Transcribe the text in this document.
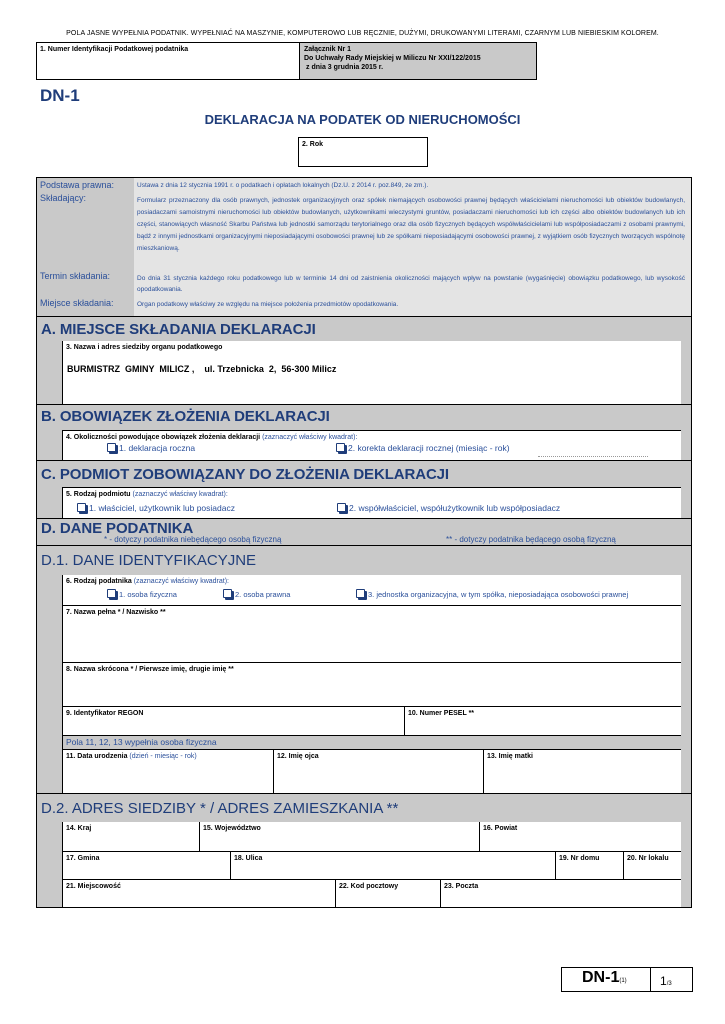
POLA JASNE WYPEŁNIA PODATNIK. WYPEŁNIAĆ NA MASZYNIE, KOMPUTEROWO LUB RĘCZNIE, DUŻYMI, DRUKOWANYMI LITERAMI, CZARNYM LUB NIEBIESKIM KOLOREM.
1. Numer Identyfikacji Podatkowej podatnika	Załącznik Nr 1
Do Uchwały Rady Miejskiej w Miliczu Nr XXI/122/2015
z dnia 3 grudnia 2015 r.
DN-1
DEKLARACJA NA PODATEK OD NIERUCHOMOŚCI
2. Rok
Podstawa prawna:	Ustawa z dnia 12 stycznia 1991 r. o podatkach i opłatach lokalnych (Dz.U. z 2014 r. poz.849, ze zm.).
Składający:	Formularz przeznaczony dla osób prawnych, jednostek organizacyjnych oraz spółek niemających osobowości prawnej będących właścicielami nieruchomości lub obiektów budowlanych, posiadaczami samoistnymi nieruchomości lub obiektów budowlanych, użytkownikami wieczystymi gruntów, posiadaczami nieruchomości lub ich części albo obiektów budowlanych lub ich części, stanowiących własność Skarbu Państwa lub jednostki samorządu terytorialnego oraz dla osób fizycznych będących współwłaścicielami lub współposiadaczami z osobami prawnymi, bądź z innymi jednostkami organizacyjnymi nieposiadającymi osobowości prawnej lub ze spółkami nieposiadającymi osobowości prawnej, z wyjątkiem osób fizycznych tworzących wspólnotę mieszkaniową.
Termin składania:	Do dnia 31 stycznia każdego roku podatkowego lub w terminie 14 dni od zaistnienia okoliczności mających wpływ na powstanie (wygaśnięcie) obowiązku podatkowego, lub wysokość opodatkowania.
Miejsce składania:	Organ podatkowy właściwy ze względu na miejsce położenia przedmiotów opodatkowania.
A. MIEJSCE SKŁADANIA DEKLARACJI
3. Nazwa i adres siedziby organu podatkowego
BURMISTRZ  GMINY  MILICZ ,    ul. Trzebnicka  2,  56-300 Milicz
B. OBOWIĄZEK ZŁOŻENIA DEKLARACJI
4. Okoliczności powodujące obowiązek złożenia deklaracji (zaznaczyć właściwy kwadrat):
1. deklaracja roczna	2. korekta deklaracji rocznej (miesiąc - rok)
C. PODMIOT ZOBOWIĄZANY DO ZŁOŻENIA DEKLARACJI
5. Rodzaj podmiotu (zaznaczyć właściwy kwadrat):
1. właściciel, użytkownik lub posiadacz	2. współwłaściciel, współużytkownik lub współposiadacz
D. DANE PODATNIKA
* - dotyczy podatnika niebędącego osobą fizyczną	** - dotyczy podatnika będącego osobą fizyczną
D.1. DANE IDENTYFIKACYJNE
6. Rodzaj podatnika (zaznaczyć właściwy kwadrat):
1. osoba fizyczna	2. osoba prawna	3. jednostka organizacyjna, w tym spółka, nieposiadająca osobowości prawnej
7. Nazwa pełna * / Nazwisko **
8. Nazwa skrócona * / Pierwsze imię, drugie imię **
9. Identyfikator REGON	10. Numer PESEL **
Pola 11, 12, 13 wypełnia osoba fizyczna
11. Data urodzenia (dzień - miesiąc - rok)	12. Imię ojca	13. Imię matki
D.2. ADRES SIEDZIBY * / ADRES ZAMIESZKANIA **
14. Kraj	15. Województwo	16. Powiat
17. Gmina	18. Ulica	19. Nr domu	20. Nr lokalu
21. Miejscowość	22. Kod pocztowy	23. Poczta
DN-1(1)	1/3
